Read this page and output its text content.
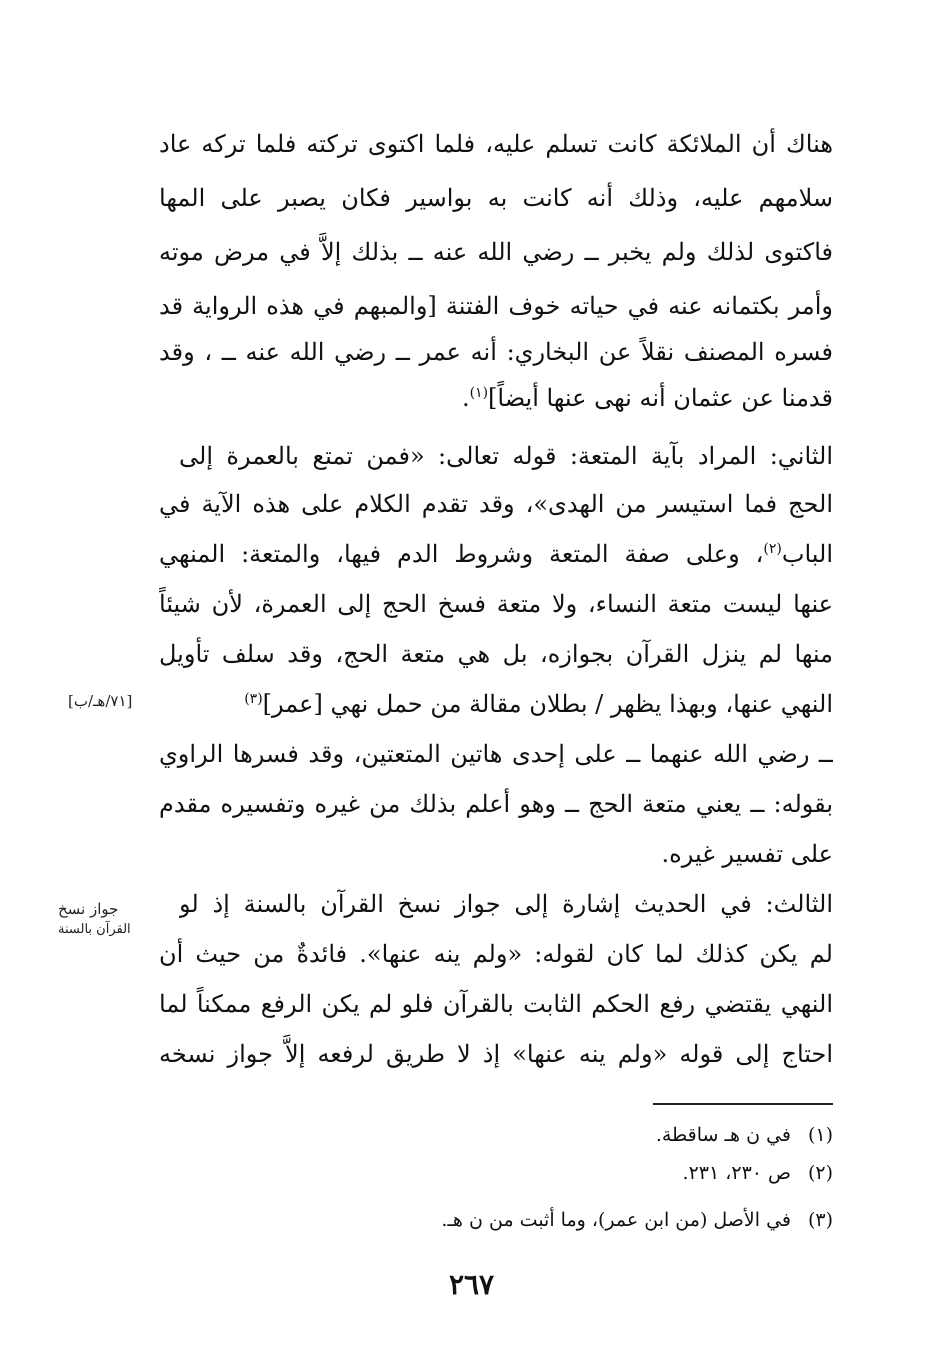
هناك أن الملائكة كانت تسلم عليه، فلما اكتوى تركته فلما تركه عاد
سلامهم عليه، وذلك أنه كانت به بواسير فكان يصبر على المها
فاكتوى لذلك ولم يخبر ــ رضي الله عنه ــ بذلك إلاَّ في مرض موته
وأمر بكتمانه عنه في حياته خوف الفتنة [والمبهم في هذه الرواية قد
فسره المصنف نقلاً عن البخاري: أنه عمر ــ رضي الله عنه ــ ، وقد
قدمنا عن عثمان أنه نهى عنها أيضاً]$^{(١)}$.
الثاني: المراد بآية المتعة: قوله تعالى: «فمن تمتع بالعمرة إلى
الحج فما استيسر من الهدى»، وقد تقدم الكلام على هذه الآية في
الباب$^{(٢)}$، وعلى صفة المتعة وشروط الدم فيها، والمتعة: المنهي
عنها ليست متعة النساء، ولا متعة فسخ الحج إلى العمرة، لأن شيئاً
منها لم ينزل القرآن بجوازه، بل هي متعة الحج، وقد سلف تأويل
النهي عنها، وبهذا يظهر / بطلان مقالة من حمل نهي [عمر]$^{(٣)}$
ــ رضي الله عنهما ــ على إحدى هاتين المتعتين، وقد فسرها الراوي
بقوله: ــ يعني متعة الحج ــ وهو أعلم بذلك من غيره وتفسيره مقدم
على تفسير غيره.
الثالث: في الحديث إشارة إلى جواز نسخ القرآن بالسنة إذ لو
لم يكن كذلك لما كان لقوله: «ولم ينه عنها». فائدةٌ من حيث أن
النهي يقتضي رفع الحكم الثابت بالقرآن فلو لم يكن الرفع ممكناً لما
احتاج إلى قوله «ولم ينه عنها» إذ لا طريق لرفعه إلاَّ جواز نسخه
[٧١/هـ/ب]
جواز نسخ
القرآن بالسنة
(١)في ن هـ ساقطة.
(٢)ص ٢٣٠، ٢٣١.
(٣)في الأصل (من ابن عمر)، وما أثبت من ن هـ.
٢٦٧
